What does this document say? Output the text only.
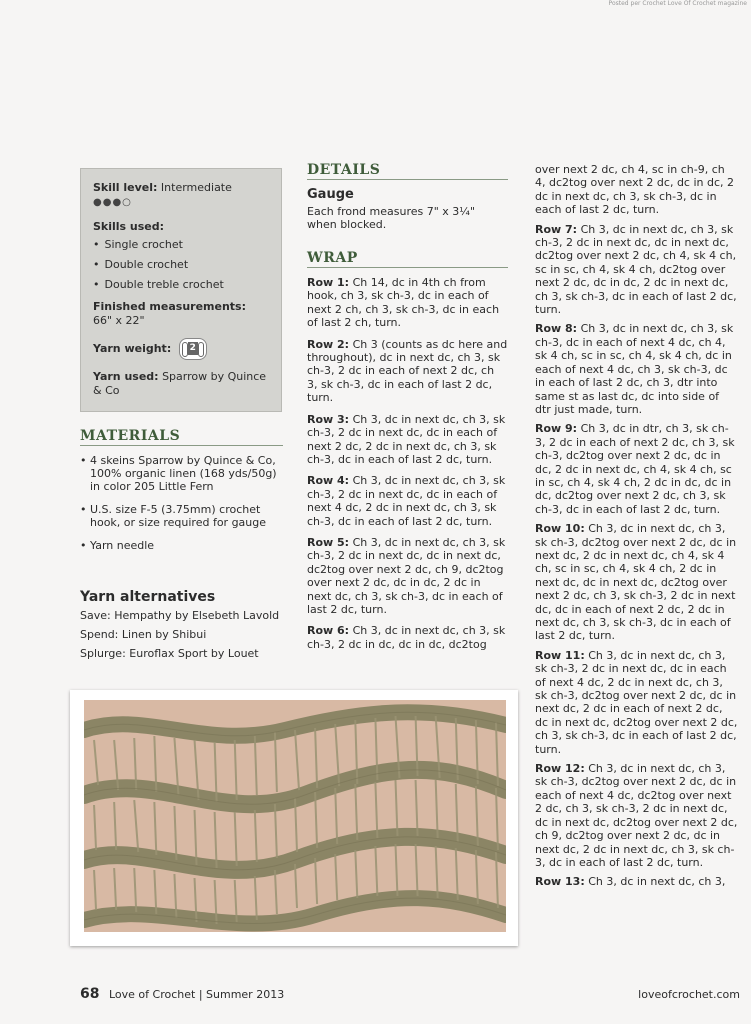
Posted per Crochet Love Of Crochet magazine
Skill level: Intermediate ●●●○
Skills used:
• Single crochet
• Double crochet
• Double treble crochet
Finished measurements:
66" x 22"
Yarn weight: 2
Yarn used: Sparrow by Quince & Co
MATERIALS
• 4 skeins Sparrow by Quince & Co, 100% organic linen (168 yds/50g) in color 205 Little Fern
• U.S. size F-5 (3.75mm) crochet hook, or size required for gauge
• Yarn needle
Yarn alternatives
Save: Hempathy by Elsebeth Lavold
Spend: Linen by Shibui
Splurge: Euroflax Sport by Louet
DETAILS
Gauge

Each frond measures 7" x 3¼" when blocked.

WRAP

Row 1: Ch 14, dc in 4th ch from hook, ch 3, sk ch-3, dc in each of next 2 ch, ch 3, sk ch-3, dc in each of last 2 ch, turn.

Row 2: Ch 3 (counts as dc here and throughout), dc in next dc, ch 3, sk ch-3, 2 dc in each of next 2 dc, ch 3, sk ch-3, dc in each of last 2 dc, turn.

Row 3: Ch 3, dc in next dc, ch 3, sk ch-3, 2 dc in next dc, dc in each of next 2 dc, 2 dc in next dc, ch 3, sk ch-3, dc in each of last 2 dc, turn.

Row 4: Ch 3, dc in next dc, ch 3, sk ch-3, 2 dc in next dc, dc in each of next 4 dc, 2 dc in next dc, ch 3, sk ch-3, dc in each of last 2 dc, turn.

Row 5: Ch 3, dc in next dc, ch 3, sk ch-3, 2 dc in next dc, dc in next dc, dc2tog over next 2 dc, ch 9, dc2tog over next 2 dc, dc in dc, 2 dc in next dc, ch 3, sk ch-3, dc in each of last 2 dc, turn.

Row 6: Ch 3, dc in next dc, ch 3, sk ch-3, 2 dc in dc, dc in dc, dc2tog

over next 2 dc, ch 4, sc in ch-9, ch 4, dc2tog over next 2 dc, dc in dc, 2 dc in next dc, ch 3, sk ch-3, dc in each of last 2 dc, turn.

Row 7: Ch 3, dc in next dc, ch 3, sk ch-3, 2 dc in next dc, dc in next dc, dc2tog over next 2 dc, ch 4, sk 4 ch, sc in sc, ch 4, sk 4 ch, dc2tog over next 2 dc, dc in dc, 2 dc in next dc, ch 3, sk ch-3, dc in each of last 2 dc, turn.

Row 8: Ch 3, dc in next dc, ch 3, sk ch-3, dc in each of next 4 dc, ch 4, sk 4 ch, sc in sc, ch 4, sk 4 ch, dc in each of next 4 dc, ch 3, sk ch-3, dc in each of last 2 dc, ch 3, dtr into same st as last dc, dc into side of dtr just made, turn.

Row 9: Ch 3, dc in dtr, ch 3, sk ch-3, 2 dc in each of next 2 dc, ch 3, sk ch-3, dc2tog over next 2 dc, dc in dc, 2 dc in next dc, ch 4, sk 4 ch, sc in sc, ch 4, sk 4 ch, 2 dc in dc, dc in dc, dc2tog over next 2 dc, ch 3, sk ch-3, dc in each of last 2 dc, turn.

Row 10: Ch 3, dc in next dc, ch 3, sk ch-3, dc2tog over next 2 dc, dc in next dc, 2 dc in next dc, ch 4, sk 4 ch, sc in sc, ch 4, sk 4 ch, 2 dc in next dc, dc in next dc, dc2tog over next 2 dc, ch 3, sk ch-3, 2 dc in next dc, dc in each of next 2 dc, 2 dc in next dc, ch 3, sk ch-3, dc in each of last 2 dc, turn.

Row 11: Ch 3, dc in next dc, ch 3, sk ch-3, 2 dc in next dc, dc in each of next 4 dc, 2 dc in next dc, ch 3, sk ch-3, dc2tog over next 2 dc, dc in next dc, 2 dc in each of next 2 dc, dc in next dc, dc2tog over next 2 dc, ch 3, sk ch-3, dc in each of last 2 dc, turn.

Row 12: Ch 3, dc in next dc, ch 3, sk ch-3, dc2tog over next 2 dc, dc in each of next 4 dc, dc2tog over next 2 dc, ch 3, sk ch-3, 2 dc in next dc, dc in next dc, dc2tog over next 2 dc, ch 9, dc2tog over next 2 dc, dc in next dc, 2 dc in next dc, ch 3, sk ch-3, dc in each of last 2 dc, turn.

Row 13: Ch 3, dc in next dc, ch 3,

68 Love of Crochet | Summer 2013	loveofcrochet.com
